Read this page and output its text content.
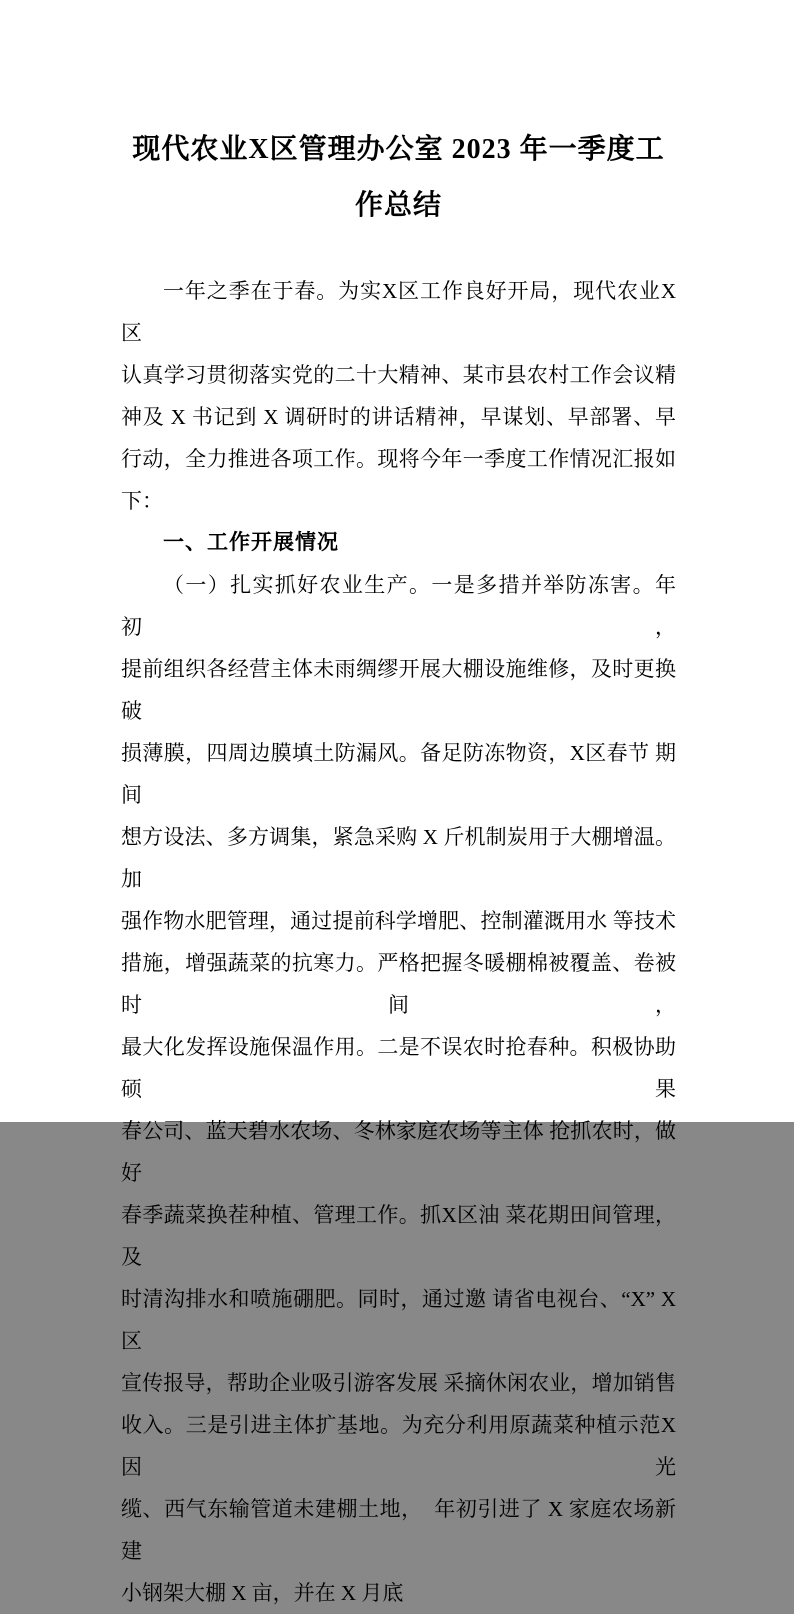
现代农业X区管理办公室 2023 年一季度工
作总结
一年之季在于春。为实X区工作良好开局，现代农业X区
认真学习贯彻落实党的二十大精神、某市县农村工作会议精
神及 X 书记到 X 调研时的讲话精神，早谋划、早部署、早
行动，全力推进各项工作。现将今年一季度工作情况汇报如
下：
一、工作开展情况
（一）扎实抓好农业生产。一是多措并举防冻害。年初，
提前组织各经营主体未雨绸缪开展大棚设施维修，及时更换 破
损薄膜，四周边膜填土防漏风。备足防冻物资，X区春节 期间
想方设法、多方调集，紧急采购 X 斤机制炭用于大棚增温。加
强作物水肥管理，通过提前科学增肥、控制灌溉用水 等技术
措施，增强蔬菜的抗寒力。严格把握冬暖棚棉被覆盖、卷被时间，
最大化发挥设施保温作用。二是不误农时抢春种。积极协助硕果
春公司、蓝天碧水农场、冬林家庭农场等主体 抢抓农时，做好
春季蔬菜换茬种植、管理工作。抓X区油 菜花期田间管理，及
时清沟排水和喷施硼肥。同时，通过邀 请省电视台、“X” X区
宣传报导，帮助企业吸引游客发展 采摘休闲农业，增加销售
收入。三是引进主体扩基地。为充分利用原蔬菜种植示范X因光
缆、西气东输管道未建棚土地，  年初引进了 X 家庭农场新建
小钢架大棚 X 亩，并在 X 月底
